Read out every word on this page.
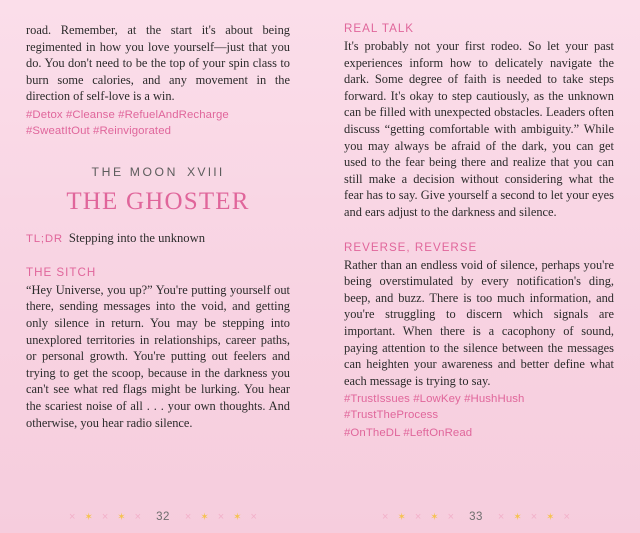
road. Remember, at the start it's about being regimented in how you love yourself—just that you do. You don't need to be the top of your spin class to burn some calories, and any movement in the direction of self-love is a win.

#Detox #Cleanse #RefuelAndRecharge #SweatItOut #Reinvigorated

THE MOON XVIII
THE GHOSTER
TL;DR Stepping into the unknown
THE SITCH

“Hey Universe, you up?” You're putting yourself out there, sending messages into the void, and getting only silence in return. You may be stepping into unexplored territories in relationships, career paths, or personal growth. You're putting out feelers and trying to get the scoop, because in the darkness you can't see what red flags might be lurking. You hear the scariest noise of all . . . your own thoughts. And otherwise, you hear radio silence.

REAL TALK

It's probably not your first rodeo. So let your past experiences inform how to delicately navigate the dark. Some degree of faith is needed to take steps forward. It's okay to step cautiously, as the unknown can be filled with unexpected obstacles. Leaders often discuss “getting comfortable with ambiguity.” While you may always be afraid of the dark, you can get used to the fear being there and realize that you can still make a decision without considering what the fear has to say. Give yourself a second to let your eyes and ears adjust to the darkness and silence.

REVERSE, REVERSE

Rather than an endless void of silence, perhaps you're being overstimulated by every notification's ding, beep, and buzz. There is too much information, and you're struggling to discern which signals are important. When there is a cacophony of sound, paying attention to the silence between the messages can heighten your awareness and better define what each message is trying to say.

#TrustIssues #LowKey #HushHush #TrustTheProcess

#OnTheDL #LeftOnRead

× ✶ × ✶ × 32 × ✶ × ✶ ×	× ✶ × ✶ × 33 × ✶ × ✶ ×
